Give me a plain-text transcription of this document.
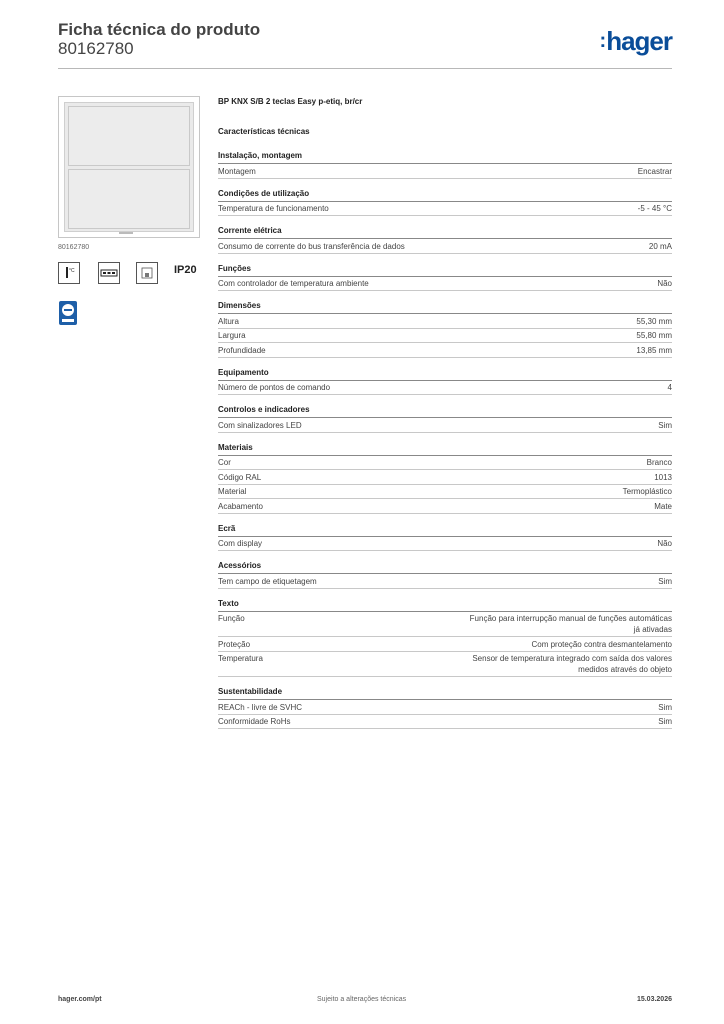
Ficha técnica do produto
80162780	:hager
80162780
°C	IP20
BP KNX S/B 2 teclas Easy p-etiq, br/cr
Características técnicas
Instalação, montagem
Montagem	Encastrar
Condições de utilização
Temperatura de funcionamento	-5 - 45 °C
Corrente elétrica
Consumo de corrente do bus transferência de dados	20 mA
Funções
Com controlador de temperatura ambiente	Não
Dimensões
Altura	55,30 mm
Largura	55,80 mm
Profundidade	13,85 mm
Equipamento
Número de pontos de comando	4
Controlos e indicadores
Com sinalizadores LED	Sim
Materiais
Cor	Branco
Código RAL	1013
Material	Termoplástico
Acabamento	Mate
Ecrã
Com display	Não
Acessórios
Tem campo de etiquetagem	Sim
Texto
Função	Função para interrupção manual de funções automáticas já ativadas
Proteção	Com proteção contra desmantelamento
Temperatura	Sensor de temperatura integrado com saída dos valores medidos através do objeto
Sustentabilidade
REACh - livre de SVHC	Sim
Conformidade RoHs	Sim
hager.com/pt	Sujeito a alterações técnicas	15.03.2026
